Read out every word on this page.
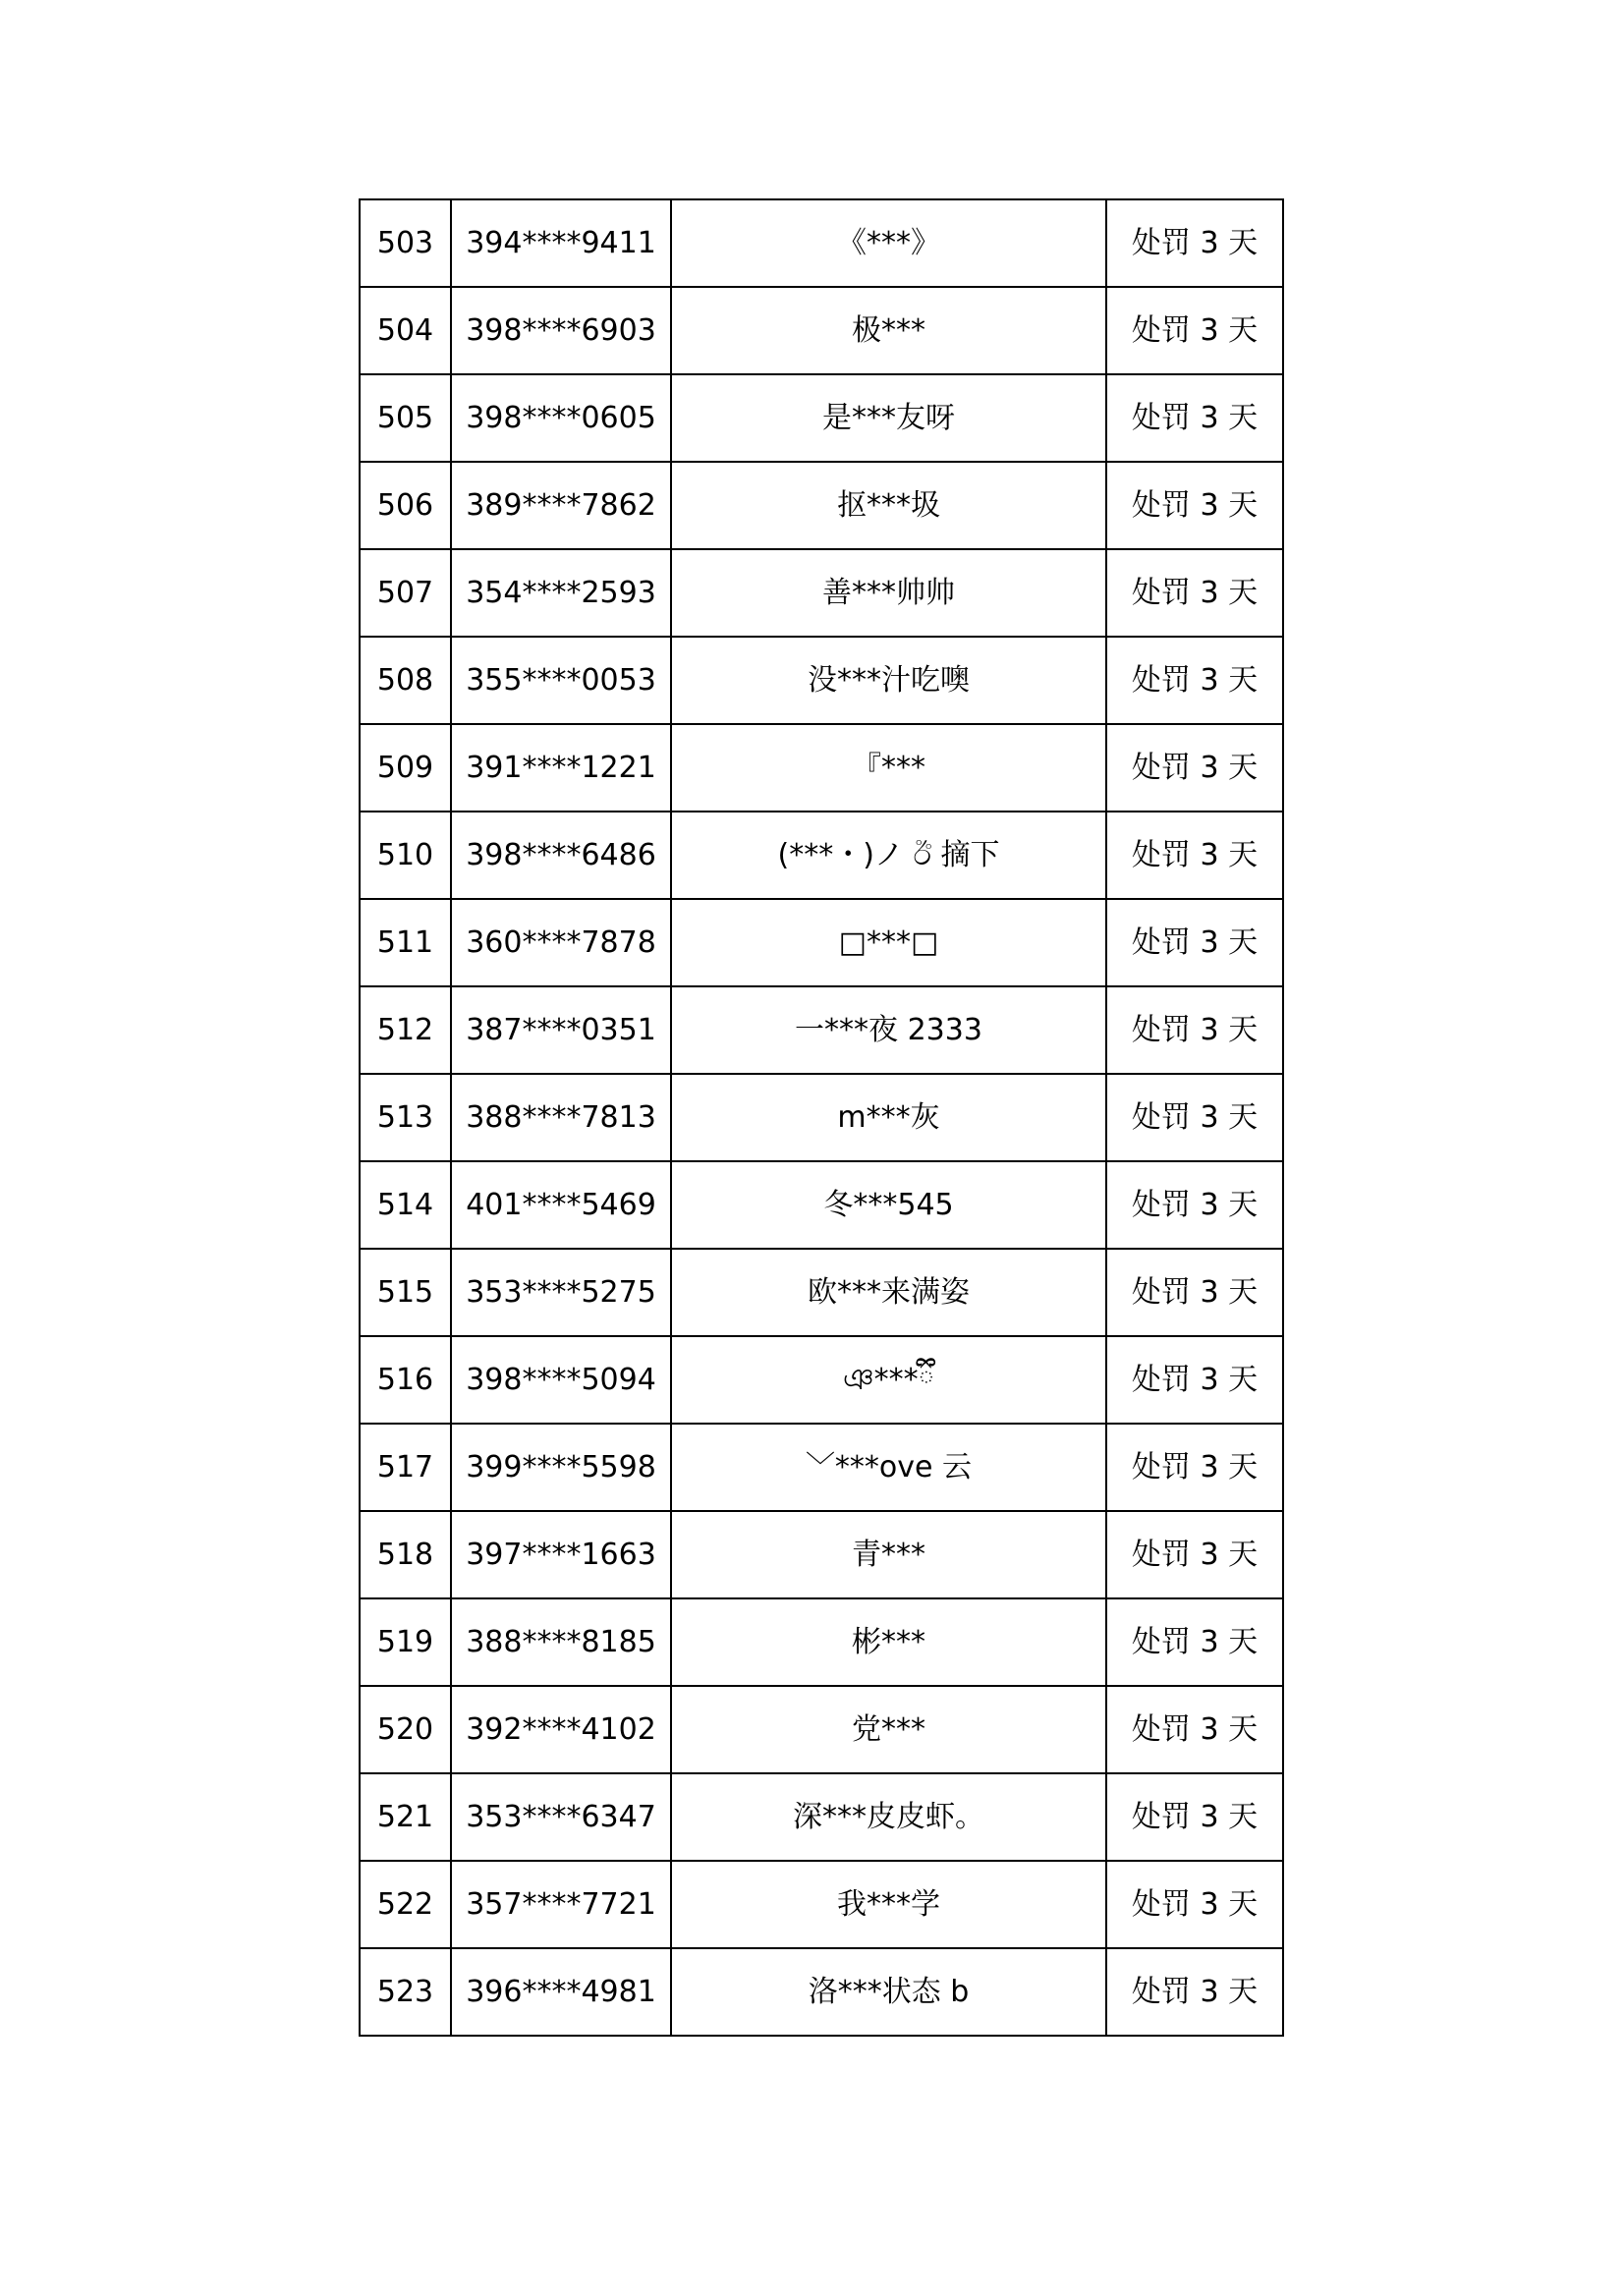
503	394****9411	《***》	处罚 3 天
504	398****6903	极***	处罚 3 天
505	398****0605	是***友呀	处罚 3 天
506	389****7862	抠***圾	处罚 3 天
507	354****2593	善***帅帅	处罚 3 天
508	355****0053	没***汁吃噢	处罚 3 天
509	391****1221	『***	处罚 3 天
510	398****6486	(***・)ノ ඊ 摘下	处罚 3 天
511	360****7878	□***□	处罚 3 天
512	387****0351	一***夜 2333	处罚 3 天
513	388****7813	m***灰	处罚 3 天
514	401****5469	冬***545	处罚 3 天
515	353****5275	欧***来满姿	处罚 3 天
516	398****5094	ঞ***ྀི	处罚 3 天
517	399****5598	﹀***ove 云	处罚 3 天
518	397****1663	青***	处罚 3 天
519	388****8185	彬***	处罚 3 天
520	392****4102	党***	处罚 3 天
521	353****6347	深***皮皮虾。	处罚 3 天
522	357****7721	我***学	处罚 3 天
523	396****4981	洛***状态 b	处罚 3 天
